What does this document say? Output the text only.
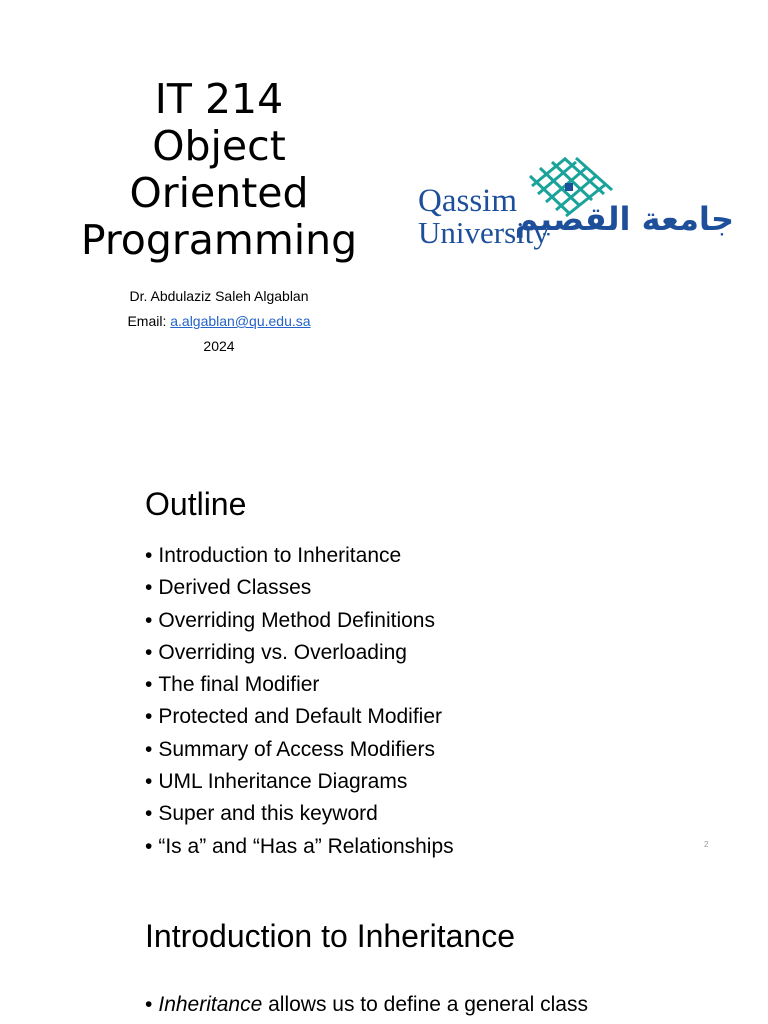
IT 214
Object
Oriented
Programming
Dr. Abdulaziz Saleh Algablan
Email: a.algablan@qu.edu.sa
2024
Qassim
University
جامعة القصيم
Outline
• Introduction to Inheritance
• Derived Classes
• Overriding Method Definitions
• Overriding vs. Overloading
• The final Modifier
• Protected and Default Modifier
• Summary of Access Modifiers
• UML Inheritance Diagrams
• Super and this keyword
• “Is a” and “Has a” Relationships	2
Introduction to Inheritance
• Inheritance allows us to define a general class
